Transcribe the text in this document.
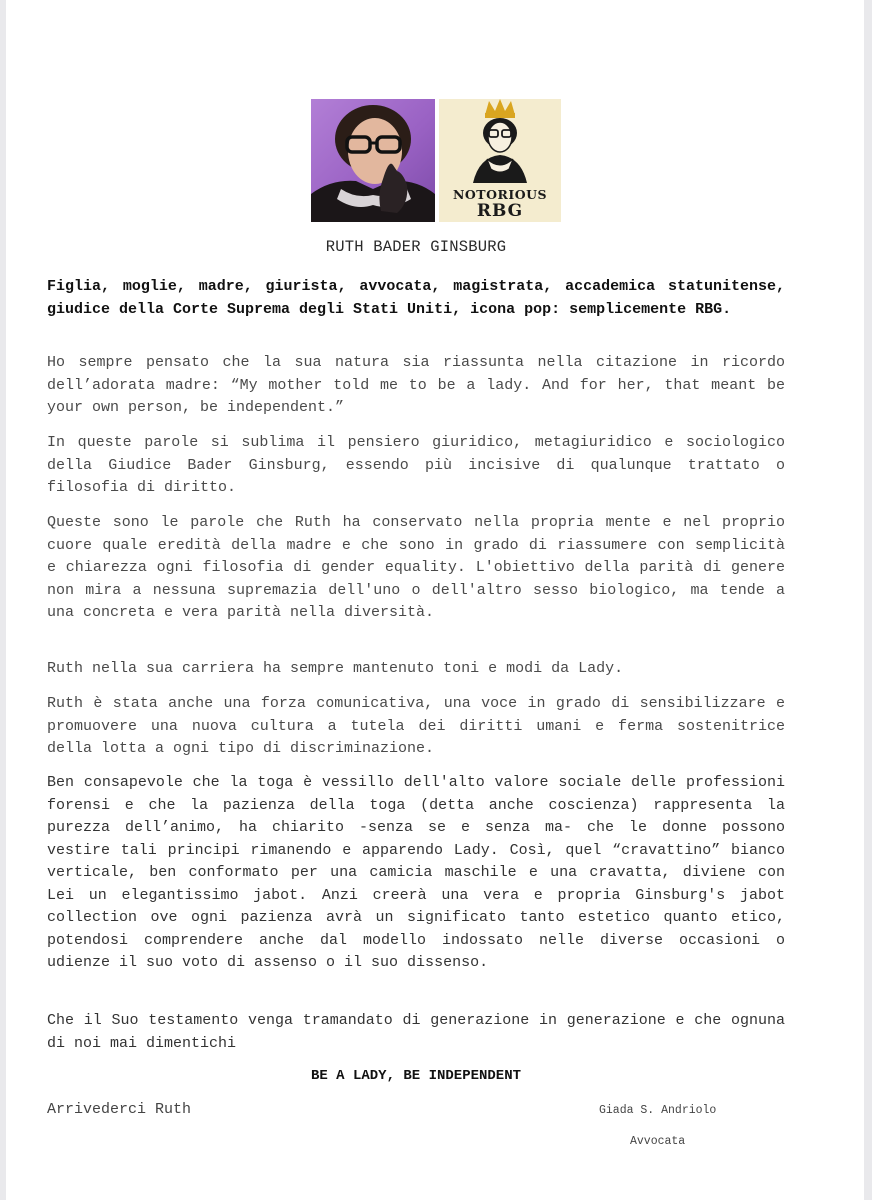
NOTORIOUS
RBG
RUTH BADER GINSBURG

Figlia, moglie, madre, giurista, avvocata, magistrata, accademica statunitense, giudice della Corte Suprema degli Stati Uniti, icona pop: semplicemente RBG.

Ho sempre pensato che la sua natura sia riassunta nella citazione in ricordo dell’adorata madre: “My mother told me to be a lady. And for her, that meant be your own person, be independent.”

In queste parole si sublima il pensiero giuridico, metagiuridico e sociologico della Giudice Bader Ginsburg, essendo più incisive di qualunque trattato o filosofia di diritto.

Queste sono le parole che Ruth ha conservato nella propria mente e nel proprio cuore quale eredità della madre e che sono in grado di riassumere con semplicità e chiarezza ogni filosofia di gender equality. L'obiettivo della parità di genere non mira a nessuna supremazia dell'uno o dell'altro sesso biologico, ma tende a una concreta e vera parità nella diversità.

Ruth nella sua carriera ha sempre mantenuto toni e modi da Lady.

Ruth è stata anche una forza comunicativa, una voce in grado di sensibilizzare e promuovere una nuova cultura a tutela dei diritti umani e ferma sostenitrice della lotta a ogni tipo di discriminazione.

Ben consapevole che la toga è vessillo dell'alto valore sociale delle professioni forensi e che la pazienza della toga (detta anche coscienza) rappresenta la purezza dell’animo, ha chiarito -senza se e senza ma- che le donne possono vestire tali principi rimanendo e apparendo Lady. Così, quel “cravattino” bianco verticale, ben conformato per una camicia maschile e una cravatta, diviene con Lei un elegantissimo jabot. Anzi creerà una vera e propria Ginsburg's jabot collection ove ogni pazienza avrà un significato tanto estetico quanto etico, potendosi comprendere anche dal modello indossato nelle diverse occasioni o udienze il suo voto di assenso o il suo dissenso.

Che il Suo testamento venga tramandato di generazione in generazione e che ognuna di noi mai dimentichi

BE A LADY, BE INDEPENDENT
Arrivederci Ruth	Giada S. Andriolo
Avvocata
